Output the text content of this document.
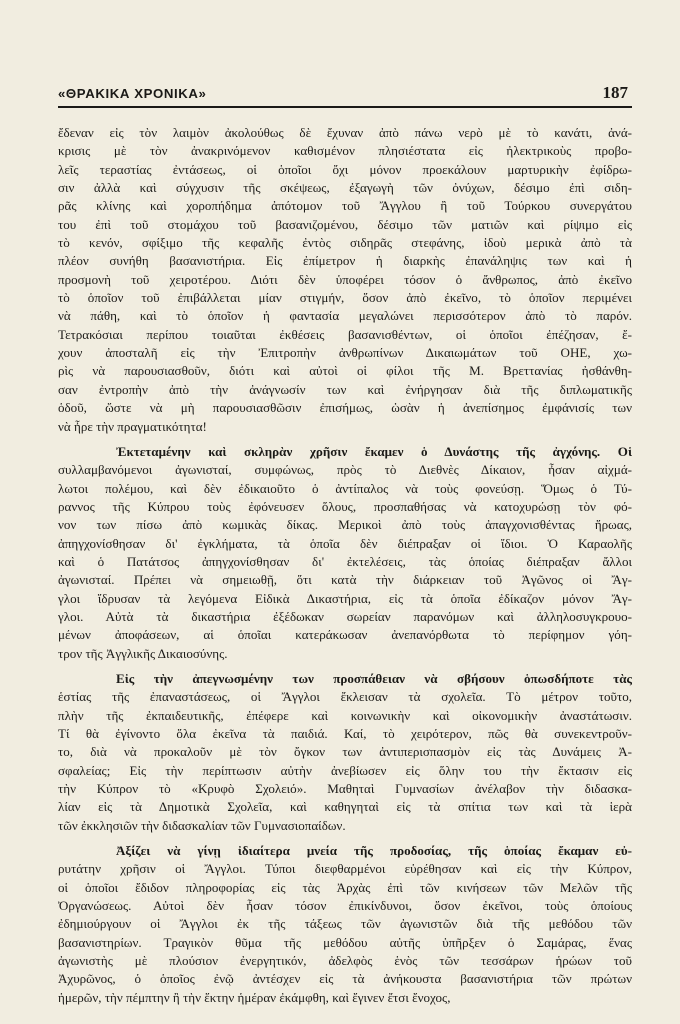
«ΘΡΑΚΙΚΑ ΧΡΟΝΙΚΑ»	187
ἔδεναν εἰς τὸν λαιμὸν ἀκολούθως δὲ ἔχυναν ἀπὸ πάνω νερὸ μὲ τὸ κανάτι, ἀνά-
κρισις μὲ τὸν ἀνακρινόμενον καθισμένον πλησιέστατα εἰς ἠλεκτρικοὺς προβο-
λεῖς τεραστίας ἐντάσεως, οἱ ὁποῖοι ὄχι μόνον προεκάλουν μαρτυρικὴν ἐφίδρω-
σιν ἀλλὰ καὶ σύγχυσιν τῆς σκέψεως, ἐξαγωγὴ τῶν ὀνύχων, δέσιμο ἐπὶ σιδη-
ρᾶς κλίνης καὶ χοροπήδημα ἀπότομον τοῦ Ἄγγλου ἢ τοῦ Τούρκου συνεργάτου
του ἐπὶ τοῦ στομάχου τοῦ βασανιζομένου, δέσιμο τῶν ματιῶν καὶ ρίψιμο εἰς
τὸ κενόν, σφίξιμο τῆς κεφαλῆς ἐντὸς σιδηρᾶς στεφάνης, ἰδοὺ μερικὰ ἀπὸ τὰ
πλέον συνήθη βασανιστήρια. Εἰς ἐπίμετρον ἡ διαρκὴς ἐπανάληψις των καὶ ἡ
προσμονὴ τοῦ χειροτέρου. Διότι δὲν ὑποφέρει τόσον ὁ ἄνθρωπος, ἀπὸ ἐκεῖνο
τὸ ὁποῖον τοῦ ἐπιβάλλεται μίαν στιγμήν, ὅσον ἀπὸ ἐκεῖνο, τὸ ὁποῖον περιμένει
νὰ πάθη, καὶ τὸ ὁποῖον ἡ φαντασία μεγαλώνει περισσότερον ἀπὸ τὸ παρόν.
Τετρακόσιαι περίπου τοιαῦται ἐκθέσεις βασανισθέντων, οἱ ὁποῖοι ἐπέζησαν, ἔ-
χουν ἀποσταλῆ εἰς τὴν Ἐπιτροπὴν ἀνθρωπίνων Δικαιωμάτων τοῦ ΟΗΕ, χω-
ρὶς νὰ παρουσιασθοῦν, διότι καὶ αὐτοὶ οἱ φίλοι τῆς Μ. Βρεττανίας ἠσθάνθη-
σαν ἐντροπὴν ἀπὸ τὴν ἀνάγνωσίν των καὶ ἐνήργησαν διὰ τῆς διπλωματικῆς
ὁδοῦ, ὥστε νὰ μὴ παρουσιασθῶσιν ἐπισήμως, ὡσὰν ἡ ἀνεπίσημος ἐμφάνισίς των
νὰ ἦρε τὴν πραγματικότητα!
Ἐκτεταμένην καὶ σκληρὰν χρῆσιν ἔκαμεν ὁ Δυνάστης τῆς ἀγχόνης. Οἱ
συλλαμβανόμενοι ἀγωνισταί, συμφώνως, πρὸς τὸ Διεθνὲς Δίκαιον, ἦσαν αἰχμά-
λωτοι πολέμου, καὶ δὲν ἐδικαιοῦτο ὁ ἀντίπαλος νὰ τοὺς φονεύσῃ. Ὅμως ὁ Τύ-
ραννος τῆς Κύπρου τοὺς ἐφόνευσεν ὅλους, προσπαθήσας νὰ κατοχυρώσῃ τὸν φό-
νον των πίσω ἀπὸ κωμικὰς δίκας. Μερικοὶ ἀπὸ τοὺς ἀπαγχονισθέντας ἥρωας,
ἀπηγχονίσθησαν δι' ἐγκλήματα, τὰ ὁποῖα δὲν διέπραξαν οἱ ἴδιοι. Ὁ Καραολῆς
καὶ ὁ Πατάτσος ἀπηγχονίσθησαν δι' ἐκτελέσεις, τὰς ὁποίας διέπραξαν ἄλλοι
ἀγωνισταί. Πρέπει νὰ σημειωθῇ, ὅτι κατὰ τὴν διάρκειαν τοῦ Ἀγῶνος οἱ Ἄγ-
γλοι ἵδρυσαν τὰ λεγόμενα Εἰδικὰ Δικαστήρια, εἰς τὰ ὁποῖα ἐδίκαζον μόνον Ἄγ-
γλοι. Αὐτὰ τὰ δικαστήρια ἐξέδωκαν σωρείαν παρανόμων καὶ ἀλληλοσυγκρουο-
μένων ἀποφάσεων, αἱ ὁποῖαι κατεράκωσαν ἀνεπανόρθωτα τὸ περίφημον γόη-
τρον τῆς Ἀγγλικῆς Δικαιοσύνης.
Εἰς τὴν ἀπεγνωσμένην των προσπάθειαν νὰ σβήσουν ὁπωσδήποτε τὰς
ἑστίας τῆς ἐπαναστάσεως, οἱ Ἄγγλοι ἔκλεισαν τὰ σχολεῖα. Τὸ μέτρον τοῦτο,
πλὴν τῆς ἐκπαιδευτικῆς, ἐπέφερε καὶ κοινωνικὴν καὶ οἰκονομικὴν ἀναστάτωσιν.
Τί θὰ ἐγίνοντο ὅλα ἐκεῖνα τὰ παιδιά. Καί, τὸ χειρότερον, πῶς θὰ συνεκεντροῦν-
το, διὰ νὰ προκαλοῦν μὲ τὸν ὄγκον των ἀντιπερισπασμὸν εἰς τὰς Δυνάμεις Ἀ-
σφαλείας; Εἰς τὴν περίπτωσιν αὐτὴν ἀνεβίωσεν εἰς ὅλην του τὴν ἔκτασιν εἰς
τὴν Κύπρον τὸ «Κρυφὸ Σχολειό». Μαθηταὶ Γυμνασίων ἀνέλαβον τὴν διδασκα-
λίαν εἰς τὰ Δημοτικὰ Σχολεῖα, καὶ καθηγηταὶ εἰς τὰ σπίτια των καὶ τὰ ἱερὰ
τῶν ἐκκλησιῶν τὴν διδασκαλίαν τῶν Γυμνασιοπαίδων.
Ἀξίζει νὰ γίνῃ ἰδιαίτερα μνεία τῆς προδοσίας, τῆς ὁποίας ἔκαμαν εὐ-
ρυτάτην χρῆσιν οἱ Ἄγγλοι. Τύποι διεφθαρμένοι εὑρέθησαν καὶ εἰς τὴν Κύπρον,
οἱ ὁποῖοι ἔδιδον πληροφορίας εἰς τὰς Ἀρχὰς ἐπὶ τῶν κινήσεων τῶν Μελῶν τῆς
Ὀργανώσεως. Αὐτοὶ δὲν ἦσαν τόσον ἐπικίνδυνοι, ὅσον ἐκεῖνοι, τοὺς ὁποίους
ἐδημιούργουν οἱ Ἄγγλοι ἐκ τῆς τάξεως τῶν ἀγωνιστῶν διὰ τῆς μεθόδου τῶν
βασανιστηρίων. Τραγικὸν θῦμα τῆς μεθόδου αὐτῆς ὑπῆρξεν ὁ Σαμάρας, ἕνας
ἀγωνιστὴς μὲ πλούσιον ἐνεργητικόν, ἀδελφὸς ἑνὸς τῶν τεσσάρων ἡρώων τοῦ
Ἀχυρῶνος, ὁ ὁποῖος ἐνῷ ἀντέσχεν εἰς τὰ ἀνήκουστα βασανιστήρια τῶν πρώτων
ἡμερῶν, τὴν πέμπτην ἢ τὴν ἕκτην ἡμέραν ἐκάμφθη, καὶ ἔγινεν ἔτσι ἔνοχος,
